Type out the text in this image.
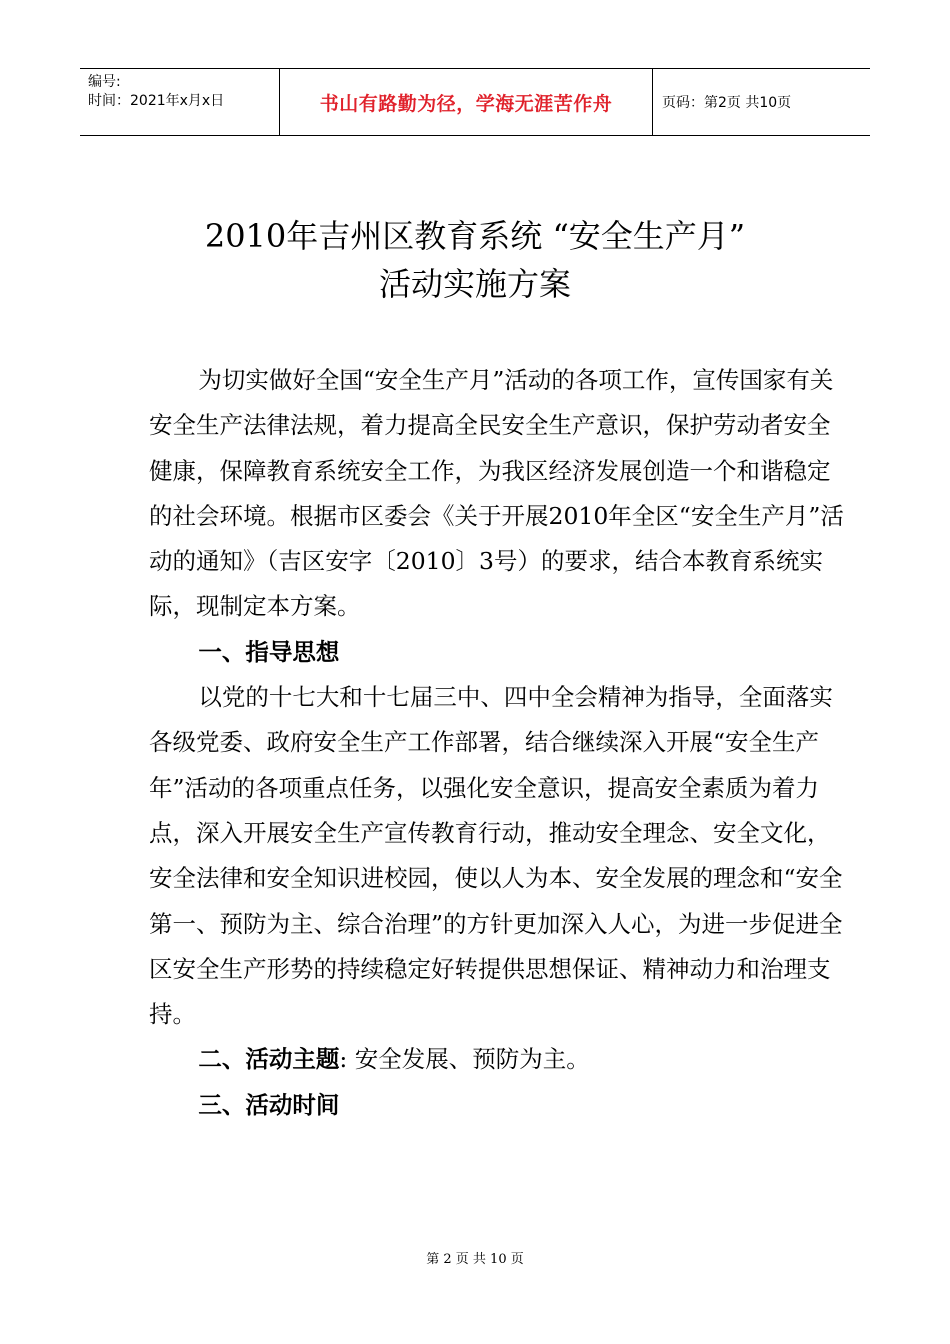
编号:
时间：2021年x月x日	书山有路勤为径，学海无涯苦作舟	页码：第2页 共10页
2010年吉州区教育系统 “安全生产月”
活动实施方案

为切实做好全国“安全生产月”活动的各项工作，宣传国家有关安全生产法律法规，着力提高全民安全生产意识，保护劳动者安全健康，保障教育系统安全工作，为我区经济发展创造一个和谐稳定的社会环境。根据市区委会《关于开展2010年全区“安全生产月”活动的通知》（吉区安字〔2010〕3号）的要求，结合本教育系统实际，现制定本方案。

一、指导思想

以党的十七大和十七届三中、四中全会精神为指导，全面落实各级党委、政府安全生产工作部署，结合继续深入开展“安全生产年”活动的各项重点任务，以强化安全意识，提高安全素质为着力点，深入开展安全生产宣传教育行动，推动安全理念、安全文化，安全法律和安全知识进校园，使以人为本、安全发展的理念和“安全第一、预防为主、综合治理”的方针更加深入人心，为进一步促进全区安全生产形势的持续稳定好转提供思想保证、精神动力和治理支持。

二、活动主题: 安全发展、预防为主。

三、活动时间

第 2 页 共 10 页
